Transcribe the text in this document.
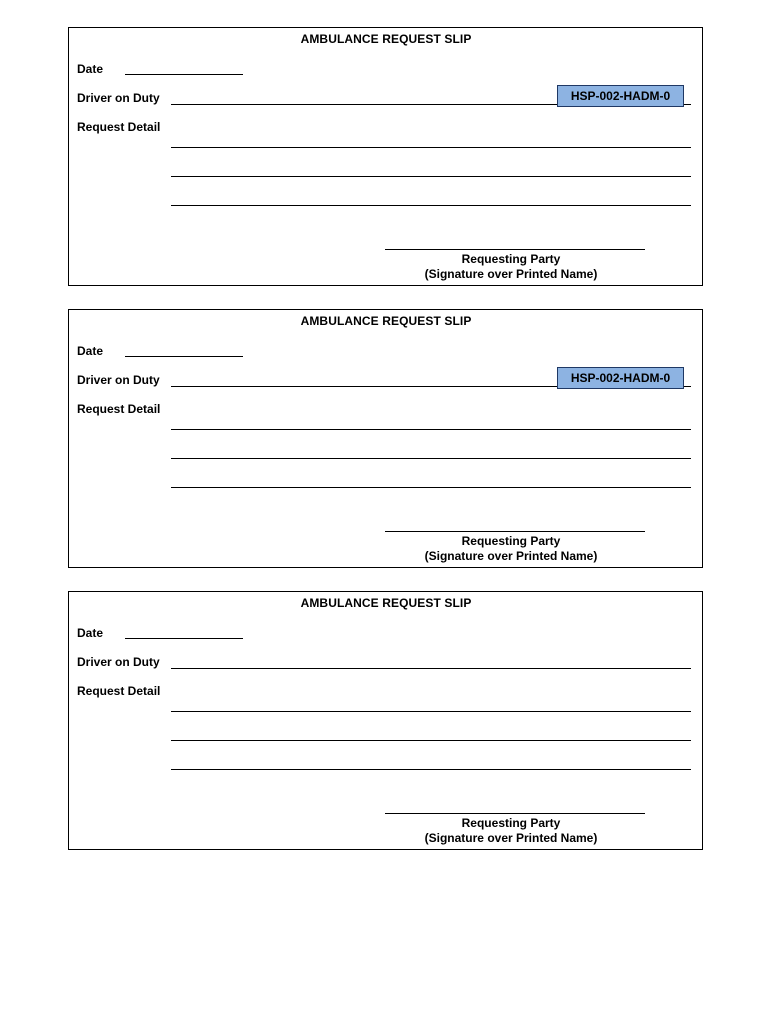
AMBULANCE REQUEST SLIP
Date
Driver on Duty	HSP-002-HADM-0
Request Detail
Requesting Party
(Signature over Printed Name)
AMBULANCE REQUEST SLIP
Date
Driver on Duty	HSP-002-HADM-0
Request Detail
Requesting Party
(Signature over Printed Name)
AMBULANCE REQUEST SLIP
Date
Driver on Duty
Request Detail
Requesting Party
(Signature over Printed Name)
